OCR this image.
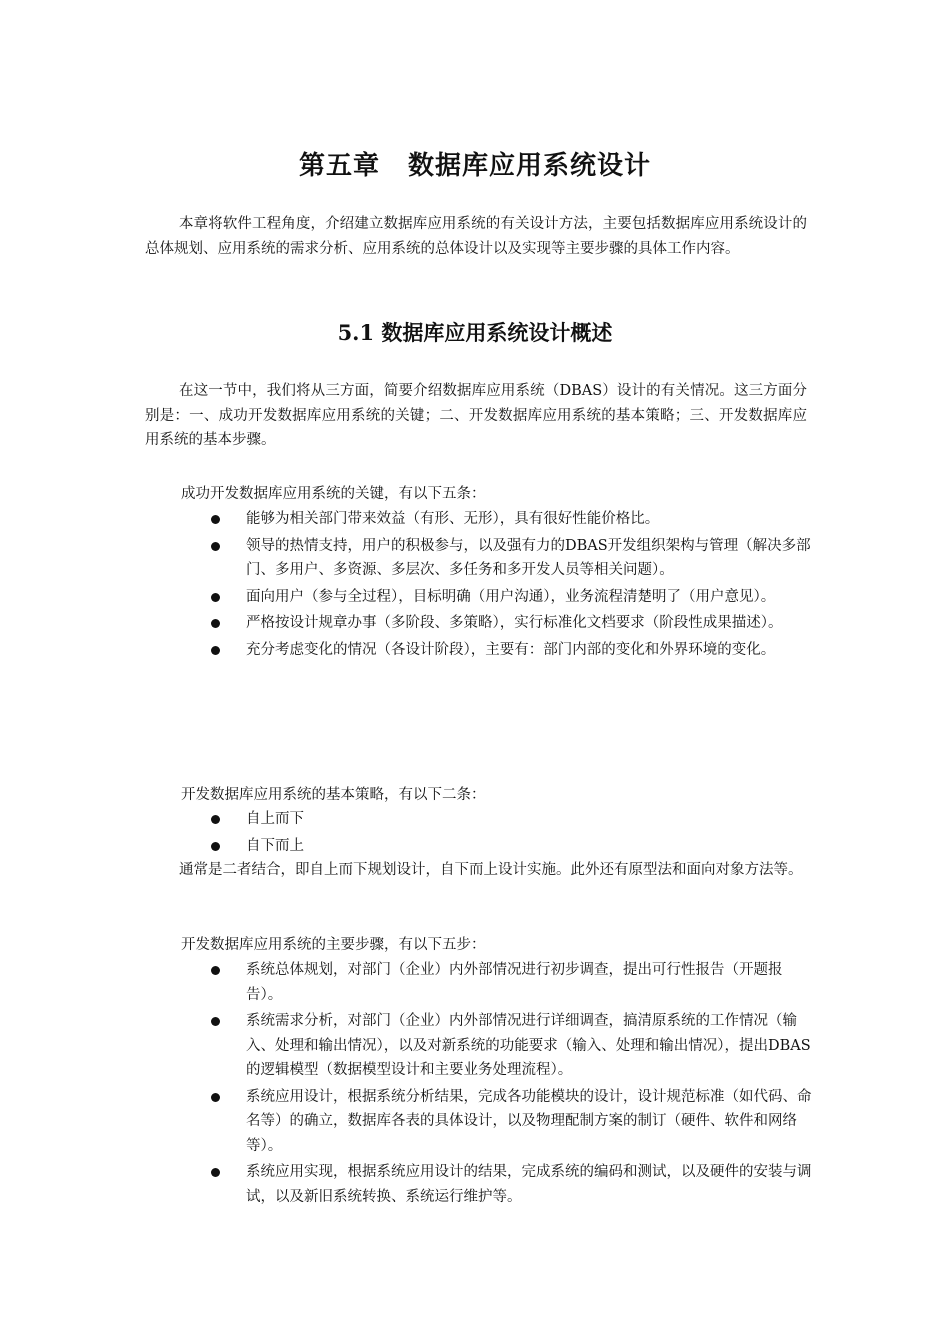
第五章 数据库应用系统设计
本章将软件工程角度，介绍建立数据库应用系统的有关设计方法，主要包括数据库应用系统设计的总体规划、应用系统的需求分析、应用系统的总体设计以及实现等主要步骤的具体工作内容。
5.1 数据库应用系统设计概述
在这一节中，我们将从三方面，简要介绍数据库应用系统（DBAS）设计的有关情况。这三方面分别是：一、成功开发数据库应用系统的关键；二、开发数据库应用系统的基本策略；三、开发数据库应用系统的基本步骤。
成功开发数据库应用系统的关键，有以下五条：
能够为相关部门带来效益（有形、无形），具有很好性能价格比。
领导的热情支持，用户的积极参与，以及强有力的DBAS开发组织架构与管理（解决多部门、多用户、多资源、多层次、多任务和多开发人员等相关问题）。
面向用户（参与全过程），目标明确（用户沟通），业务流程清楚明了（用户意见）。
严格按设计规章办事（多阶段、多策略），实行标准化文档要求（阶段性成果描述）。
充分考虑变化的情况（各设计阶段），主要有：部门内部的变化和外界环境的变化。
开发数据库应用系统的基本策略，有以下二条：
自上而下
自下而上
通常是二者结合，即自上而下规划设计，自下而上设计实施。此外还有原型法和面向对象方法等。
开发数据库应用系统的主要步骤，有以下五步：
系统总体规划，对部门（企业）内外部情况进行初步调查，提出可行性报告（开题报告）。
系统需求分析，对部门（企业）内外部情况进行详细调查，搞清原系统的工作情况（输入、处理和输出情况），以及对新系统的功能要求（输入、处理和输出情况），提出DBAS的逻辑模型（数据模型设计和主要业务处理流程）。
系统应用设计，根据系统分析结果，完成各功能模块的设计，设计规范标准（如代码、命名等）的确立，数据库各表的具体设计，以及物理配制方案的制订（硬件、软件和网络等）。
系统应用实现，根据系统应用设计的结果，完成系统的编码和测试，以及硬件的安装与调试，以及新旧系统转换、系统运行维护等。
